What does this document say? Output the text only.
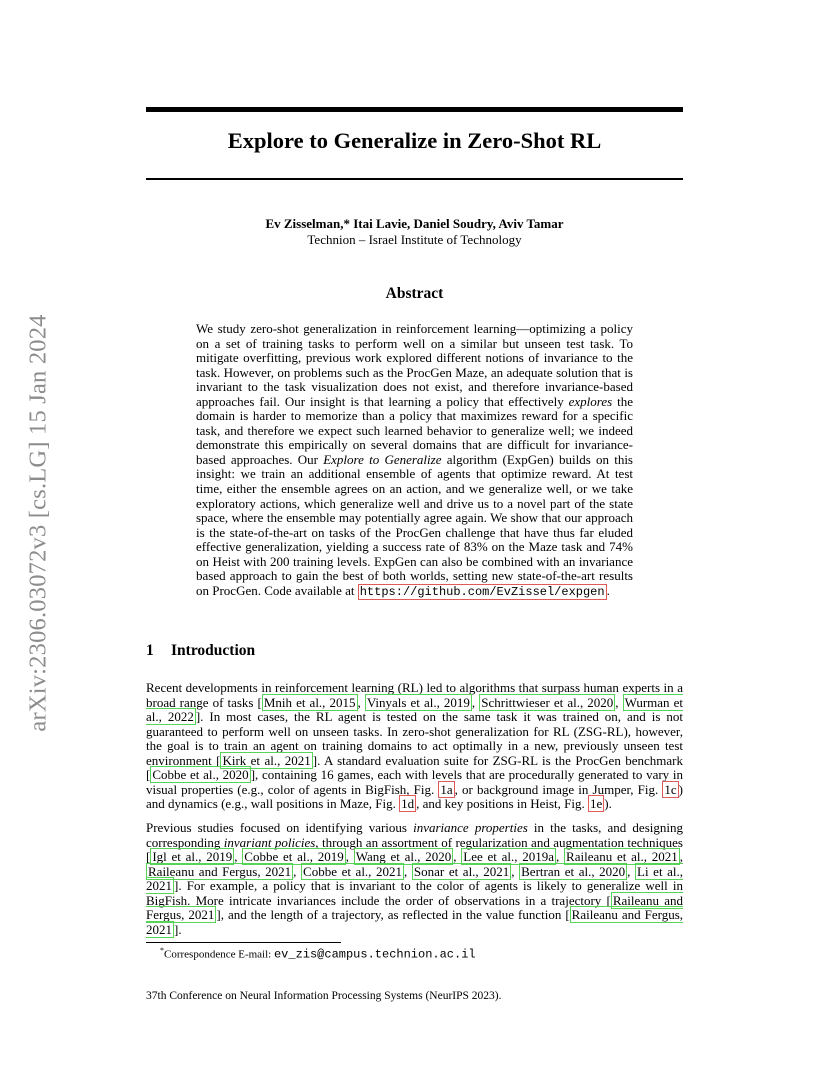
arXiv:2306.03072v3 [cs.LG] 15 Jan 2024
Explore to Generalize in Zero-Shot RL
Ev Zisselman,* Itai Lavie, Daniel Soudry, Aviv Tamar
Technion – Israel Institute of Technology
Abstract
We study zero-shot generalization in reinforcement learning—optimizing a policy on a set of training tasks to perform well on a similar but unseen test task. To mitigate overfitting, previous work explored different notions of invariance to the task. However, on problems such as the ProcGen Maze, an adequate solution that is invariant to the task visualization does not exist, and therefore invariance-based approaches fail. Our insight is that learning a policy that effectively explores the domain is harder to memorize than a policy that maximizes reward for a specific task, and therefore we expect such learned behavior to generalize well; we indeed demonstrate this empirically on several domains that are difficult for invariance-based approaches. Our Explore to Generalize algorithm (ExpGen) builds on this insight: we train an additional ensemble of agents that optimize reward. At test time, either the ensemble agrees on an action, and we generalize well, or we take exploratory actions, which generalize well and drive us to a novel part of the state space, where the ensemble may potentially agree again. We show that our approach is the state-of-the-art on tasks of the ProcGen challenge that have thus far eluded effective generalization, yielding a success rate of 83% on the Maze task and 74% on Heist with 200 training levels. ExpGen can also be combined with an invariance based approach to gain the best of both worlds, setting new state-of-the-art results on ProcGen. Code available at https://github.com/EvZissel/expgen .
1 Introduction
Recent developments in reinforcement learning (RL) led to algorithms that surpass human experts in a broad range of tasks [ Mnih et al., 2015 , Vinyals et al., 2019 , Schrittwieser et al., 2020 , Wurman et al., 2022 ]. In most cases, the RL agent is tested on the same task it was trained on, and is not guaranteed to perform well on unseen tasks. In zero-shot generalization for RL (ZSG-RL), however, the goal is to train an agent on training domains to act optimally in a new, previously unseen test environment [ Kirk et al., 2021 ]. A standard evaluation suite for ZSG-RL is the ProcGen benchmark [ Cobbe et al., 2020 ], containing 16 games, each with levels that are procedurally generated to vary in visual properties (e.g., color of agents in BigFish, Fig. 1a , or background image in Jumper, Fig. 1c ) and dynamics (e.g., wall positions in Maze, Fig. 1d , and key positions in Heist, Fig. 1e ).
Previous studies focused on identifying various invariance properties in the tasks, and designing corresponding invariant policies, through an assortment of regularization and augmentation techniques [ Igl et al., 2019 , Cobbe et al., 2019 , Wang et al., 2020 , Lee et al., 2019a , Raileanu et al., 2021 , Raileanu and Fergus, 2021 , Cobbe et al., 2021 , Sonar et al., 2021 , Bertran et al., 2020 , Li et al., 2021 ]. For example, a policy that is invariant to the color of agents is likely to generalize well in BigFish. More intricate invariances include the order of observations in a trajectory [ Raileanu and Fergus, 2021 ], and the length of a trajectory, as reflected in the value function [ Raileanu and Fergus, 2021 ].
*Correspondence E-mail: ev_zis@campus.technion.ac.il
37th Conference on Neural Information Processing Systems (NeurIPS 2023).
